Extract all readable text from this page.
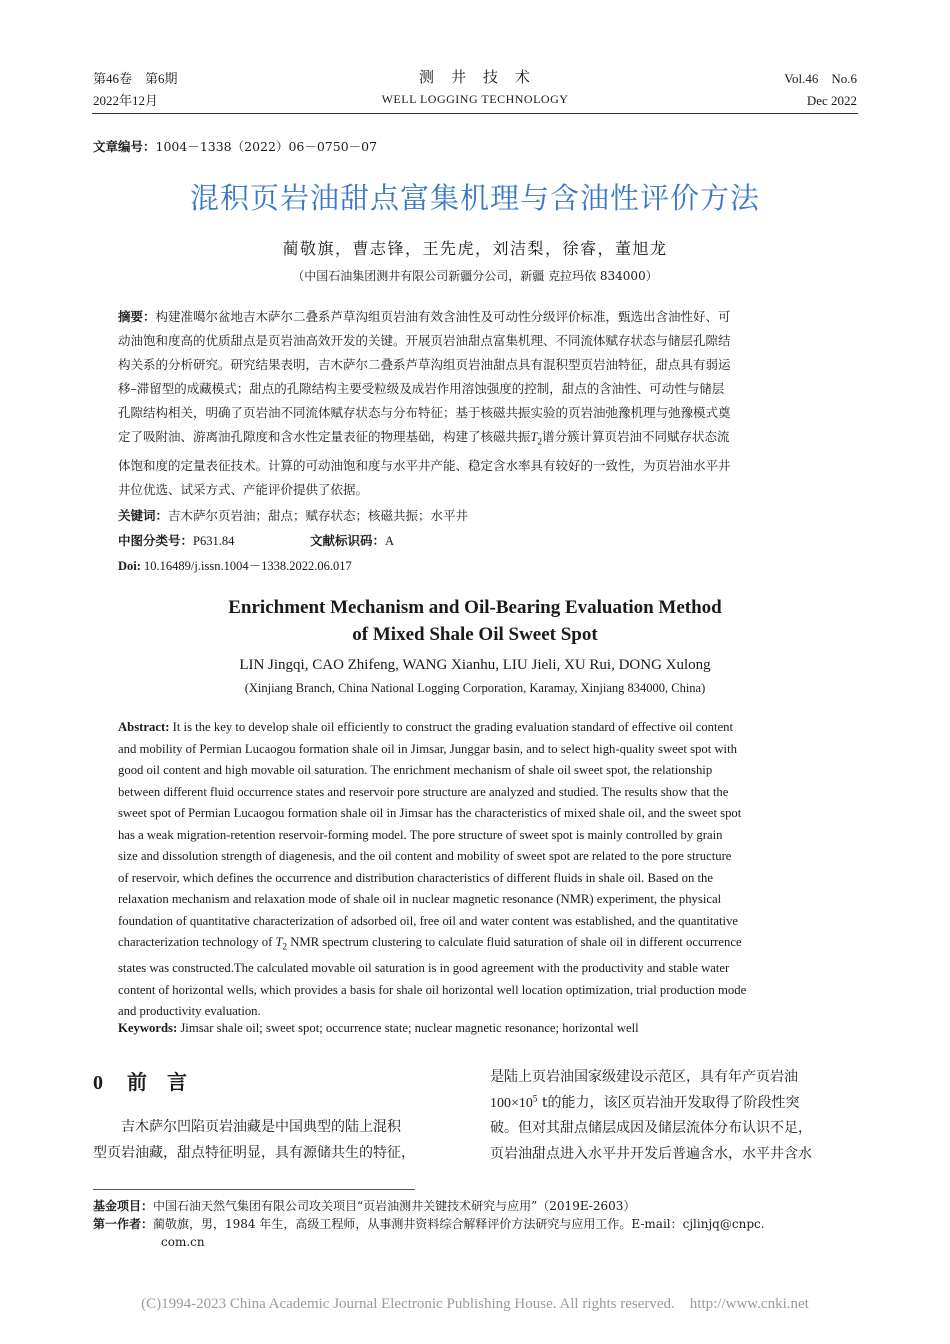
第46卷　第6期
2022年12月
测　井　技　术
WELL LOGGING TECHNOLOGY
Vol.46　No.6
Dec 2022
文章编号：1004－1338（2022）06－0750－07
混积页岩油甜点富集机理与含油性评价方法
蔺敬旗，曹志锋，王先虎，刘洁梨，徐睿，董旭龙
（中国石油集团测井有限公司新疆分公司，新疆 克拉玛依 834000）
摘要：构建准噶尔盆地吉木萨尔二叠系芦草沟组页岩油有效含油性及可动性分级评价标准，甄选出含油性好、可
动油饱和度高的优质甜点是页岩油高效开发的关键。开展页岩油甜点富集机理、不同流体赋存状态与储层孔隙结
构关系的分析研究。研究结果表明，吉木萨尔二叠系芦草沟组页岩油甜点具有混积型页岩油特征，甜点具有弱运
移–滞留型的成藏模式；甜点的孔隙结构主要受粒级及成岩作用溶蚀强度的控制，甜点的含油性、可动性与储层
孔隙结构相关，明确了页岩油不同流体赋存状态与分布特征；基于核磁共振实验的页岩油弛豫机理与弛豫模式奠
定了吸附油、游离油孔隙度和含水性定量表征的物理基础，构建了核磁共振$T_2$谱分簇计算页岩油不同赋存状态流
体饱和度的定量表征技术。计算的可动油饱和度与水平井产能、稳定含水率具有较好的一致性，为页岩油水平井
井位优选、试采方式、产能评价提供了依据。
关键词：吉木萨尔页岩油；甜点；赋存状态；核磁共振；水平井
中图分类号：P631.84	文献标识码：A
Doi: 10.16489/j.issn.1004－1338.2022.06.017
Enrichment Mechanism and Oil-Bearing Evaluation Method
of Mixed Shale Oil Sweet Spot
LIN Jingqi, CAO Zhifeng, WANG Xianhu, LIU Jieli, XU Rui, DONG Xulong
(Xinjiang Branch, China National Logging Corporation, Karamay, Xinjiang 834000, China)
Abstract: It is the key to develop shale oil efficiently to construct the grading evaluation standard of effective oil content
and mobility of Permian Lucaogou formation shale oil in Jimsar, Junggar basin, and to select high-quality sweet spot with
good oil content and high movable oil saturation. The enrichment mechanism of shale oil sweet spot, the relationship
between different fluid occurrence states and reservoir pore structure are analyzed and studied. The results show that the
sweet spot of Permian Lucaogou formation shale oil in Jimsar has the characteristics of mixed shale oil, and the sweet spot
has a weak migration-retention reservoir-forming model. The pore structure of sweet spot is mainly controlled by grain
size and dissolution strength of diagenesis, and the oil content and mobility of sweet spot are related to the pore structure
of reservoir, which defines the occurrence and distribution characteristics of different fluids in shale oil. Based on the
relaxation mechanism and relaxation mode of shale oil in nuclear magnetic resonance (NMR) experiment, the physical
foundation of quantitative characterization of adsorbed oil, free oil and water content was established, and the quantitative
characterization technology of $T_2$ NMR spectrum clustering to calculate fluid saturation of shale oil in different occurrence
states was constructed.The calculated movable oil saturation is in good agreement with the productivity and stable water
content of horizontal wells, which provides a basis for shale oil horizontal well location optimization, trial production mode
and productivity evaluation.
Keywords: Jimsar shale oil; sweet spot; occurrence state; nuclear magnetic resonance; horizontal well
0 前　言
吉木萨尔凹陷页岩油藏是中国典型的陆上混积
型页岩油藏，甜点特征明显，具有源储共生的特征，
是陆上页岩油国家级建设示范区，具有年产页岩油
$100\times 10^5$ t的能力，该区页岩油开发取得了阶段性突
破。但对其甜点储层成因及储层流体分布认识不足，
页岩油甜点进入水平井开发后普遍含水，水平井含水
基金项目：中国石油天然气集团有限公司攻关项目“页岩油测井关键技术研究与应用”（2019E-2603）
第一作者：蔺敬旗，男，1984 年生，高级工程师，从事测井资料综合解释评价方法研究与应用工作。E-mail：cjlinjq@cnpc.
com.cn
(C)1994-2023 China Academic Journal Electronic Publishing House. All rights reserved.    http://www.cnki.net
